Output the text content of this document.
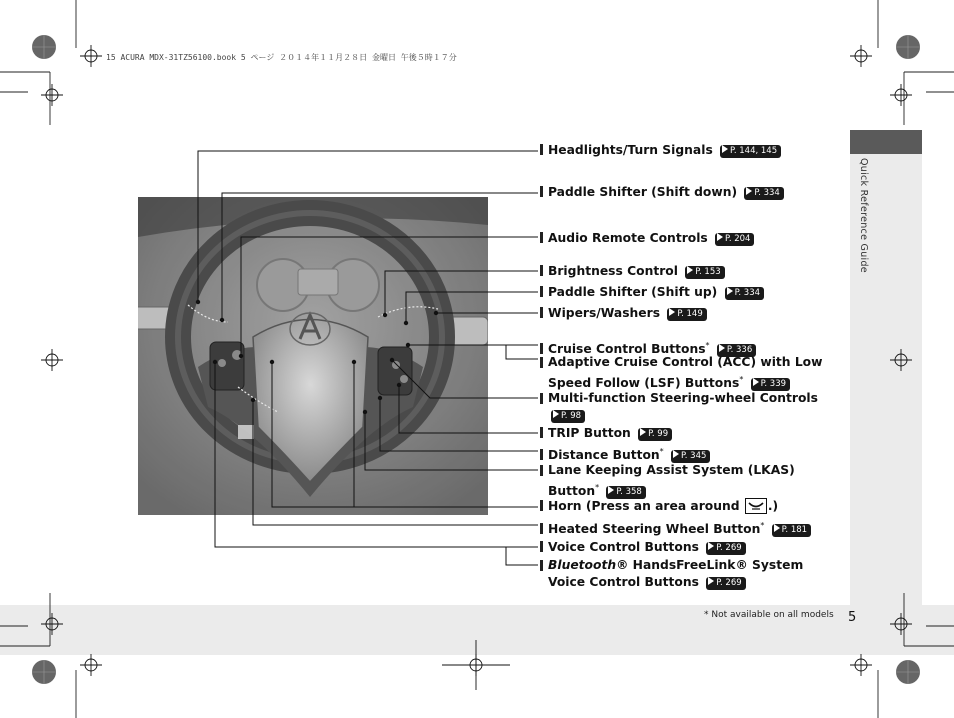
Quick Reference Guide
15 ACURA MDX-31TZ56100.book 5 ページ ２０１４年１１月２８日 金曜日 午後５時１７分
Headlights/Turn Signals P. 144, 145
Paddle Shifter (Shift down) P. 334
Audio Remote Controls P. 204
Brightness Control P. 153
Paddle Shifter (Shift up) P. 334
Wipers/Washers P. 149
Cruise Control Buttons* P. 336
Adaptive Cruise Control (ACC) with Low Speed Follow (LSF) Buttons* P. 339
Multi-function Steering-wheel Controls P. 98
TRIP Button P. 99
Distance Button* P. 345
Lane Keeping Assist System (LKAS) Button* P. 358
Horn (Press an area around .)
Heated Steering Wheel Button* P. 181
Voice Control Buttons P. 269
Bluetooth® HandsFreeLink® System Voice Control Buttons P. 269
* Not available on all models 5
